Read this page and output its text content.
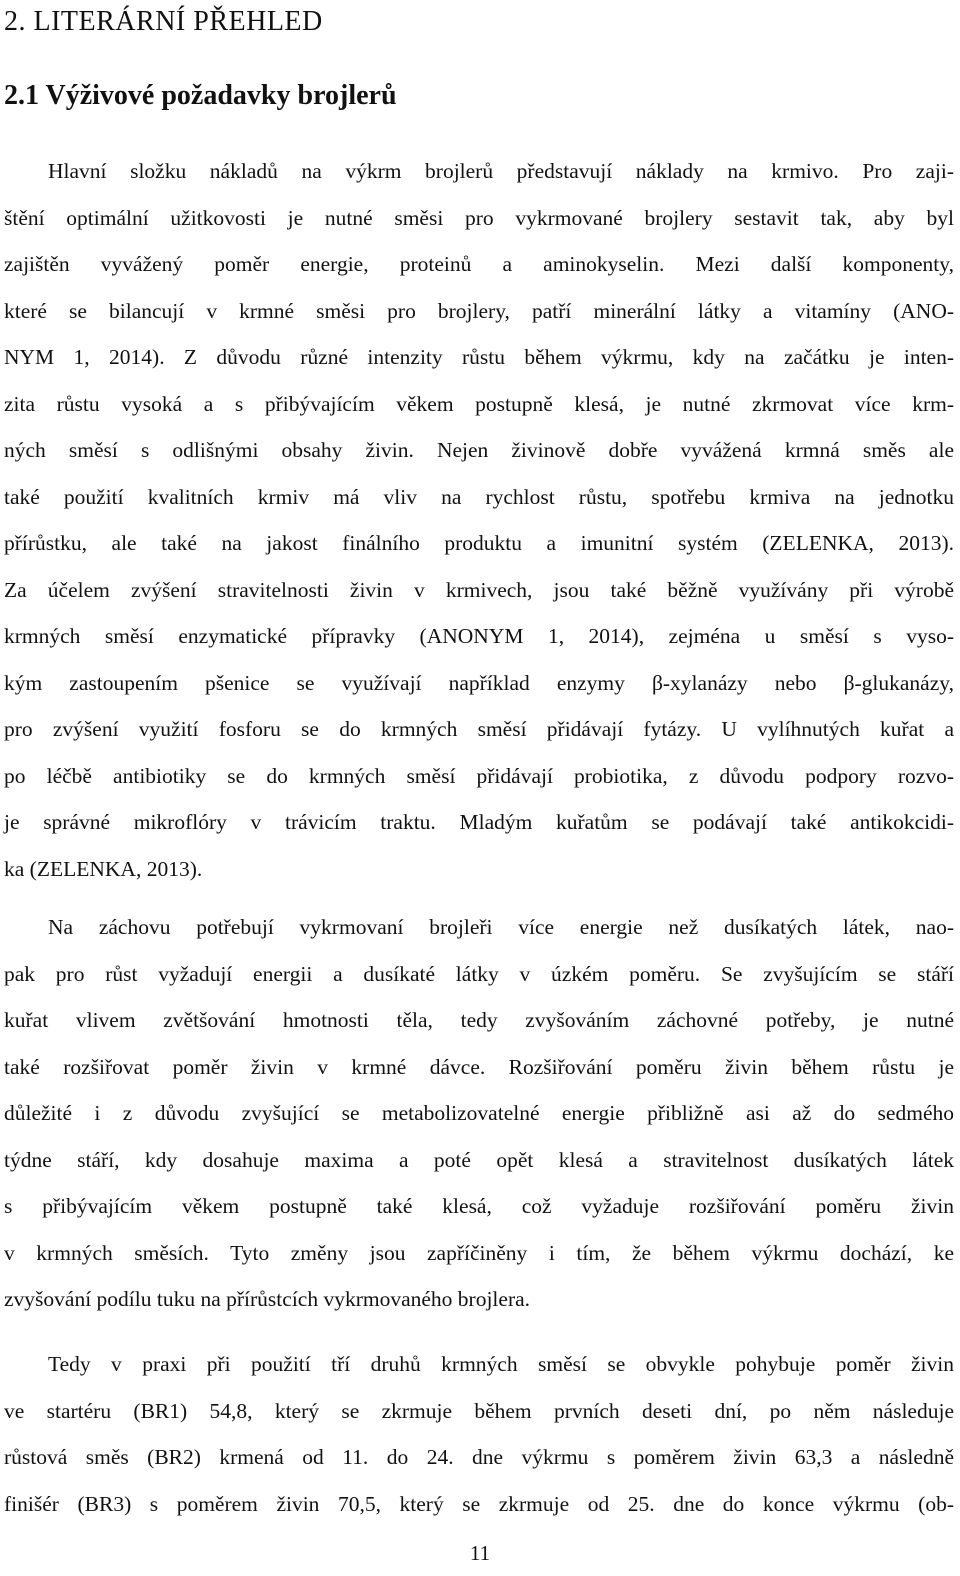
2. LITERÁRNÍ PŘEHLED
2.1 Výživové požadavky brojlerů
Hlavní složku nákladů na výkrm brojlerů představují náklady na krmivo. Pro zaji-
štění optimální užitkovosti je nutné směsi pro vykrmované brojlery sestavit tak, aby byl
zajištěn vyvážený poměr energie, proteinů a aminokyselin. Mezi další komponenty,
které se bilancují v krmné směsi pro brojlery, patří minerální látky a vitamíny (ANO-
NYM 1, 2014). Z důvodu různé intenzity růstu během výkrmu, kdy na začátku je inten-
zita růstu vysoká a s přibývajícím věkem postupně klesá, je nutné zkrmovat více krm-
ných směsí s odlišnými obsahy živin. Nejen živinově dobře vyvážená krmná směs ale
také použití kvalitních krmiv má vliv na rychlost růstu, spotřebu krmiva na jednotku
přírůstku, ale také na jakost finálního produktu a imunitní systém (ZELENKA, 2013).
Za účelem zvýšení stravitelnosti živin v krmivech, jsou také běžně využívány při výrobě
krmných směsí enzymatické přípravky (ANONYM 1, 2014), zejména u směsí s vyso-
kým zastoupením pšenice se využívají například enzymy β-xylanázy nebo β-glukanázy,
pro zvýšení využití fosforu se do krmných směsí přidávají fytázy. U vylíhnutých kuřat a
po léčbě antibiotiky se do krmných směsí přidávají probiotika, z důvodu podpory rozvo-
je správné mikroflóry v trávicím traktu. Mladým kuřatům se podávají také antikokcidi-
ka (ZELENKA, 2013).
Na záchovu potřebují vykrmovaní brojleři více energie než dusíkatých látek, nao-
pak pro růst vyžadují energii a dusíkaté látky v úzkém poměru. Se zvyšujícím se stáří
kuřat vlivem zvětšování hmotnosti těla, tedy zvyšováním záchovné potřeby, je nutné
také rozšiřovat poměr živin v krmné dávce. Rozšiřování poměru živin během růstu je
důležité i z důvodu zvyšující se metabolizovatelné energie přibližně asi až do sedmého
týdne stáří, kdy dosahuje maxima a poté opět klesá a stravitelnost dusíkatých látek
s přibývajícím věkem postupně také klesá, což vyžaduje rozšiřování poměru živin
v krmných směsích. Tyto změny jsou zapříčiněny i tím, že během výkrmu dochází, ke
zvyšování podílu tuku na přírůstcích vykrmovaného brojlera.
Tedy v praxi při použití tří druhů krmných směsí se obvykle pohybuje poměr živin
ve startéru (BR1) 54,8, který se zkrmuje během prvních deseti dní, po něm následuje
růstová směs (BR2) krmená od 11. do 24. dne výkrmu s poměrem živin 63,3 a následně
finišér (BR3) s poměrem živin 70,5, který se zkrmuje od 25. dne do konce výkrmu (ob-
11
